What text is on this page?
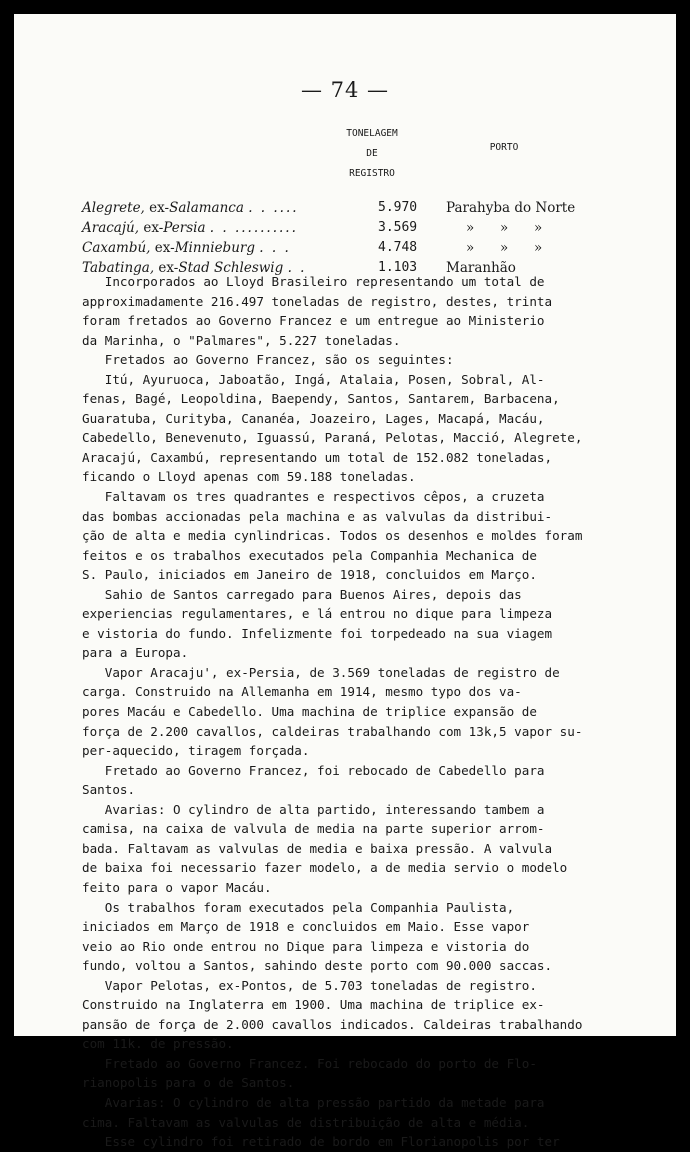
— 74 —
TONELAGEM
DE
REGISTRO
PORTO
Alegrete, ex-Salamanca . . ....	5.970 Parahyba do Norte
Aracajú, ex-Persia . . ..........	3.569	»      »      »
Caxambú, ex-Minnieburg . . .	4.748	»      »      »
Tabatinga, ex-Stad Schleswig . .	1.103 Maranhão
Incorporados ao Lloyd Brasileiro representando um total de
approximadamente 216.497 toneladas de registro, destes, trinta
foram fretados ao Governo Francez e um entregue ao Ministerio
da Marinha, o "Palmares", 5.227 toneladas.
Fretados ao Governo Francez, são os seguintes:
Itú, Ayuruoca, Jaboatão, Ingá, Atalaia, Posen, Sobral, Al-
fenas, Bagé, Leopoldina, Baependy, Santos, Santarem, Barbacena,
Guaratuba, Curityba, Cananéa, Joazeiro, Lages, Macapá, Macáu,
Cabedello, Benevenuto, Iguassú, Paraná, Pelotas, Macció, Alegrete,
Aracajú, Caxambú, representando um total de 152.082 toneladas,
ficando o Lloyd apenas com 59.188 toneladas.
Faltavam os tres quadrantes e respectivos cêpos, a cruzeta
das bombas accionadas pela machina e as valvulas da distribui-
ção de alta e media cynlindricas. Todos os desenhos e moldes foram
feitos e os trabalhos executados pela Companhia Mechanica de
S. Paulo, iniciados em Janeiro de 1918, concluidos em Março.
Sahio de Santos carregado para Buenos Aires, depois das
experiencias regulamentares, e lá entrou no dique para limpeza
e vistoria do fundo. Infelizmente foi torpedeado na sua viagem
para a Europa.
Vapor Aracaju', ex-Persia, de 3.569 toneladas de registro de
carga. Construido na Allemanha em 1914, mesmo typo dos va-
pores Macáu e Cabedello. Uma machina de triplice expansão de
força de 2.200 cavallos, caldeiras trabalhando com 13k,5 vapor su-
per-aquecido, tiragem forçada.
Fretado ao Governo Francez, foi rebocado de Cabedello para
Santos.
Avarias: O cylindro de alta partido, interessando tambem a
camisa, na caixa de valvula de media na parte superior arrom-
bada. Faltavam as valvulas de media e baixa pressão. A valvula
de baixa foi necessario fazer modelo, a de media servio o modelo
feito para o vapor Macáu.
Os trabalhos foram executados pela Companhia Paulista,
iniciados em Março de 1918 e concluidos em Maio. Esse vapor
veio ao Rio onde entrou no Dique para limpeza e vistoria do
fundo, voltou a Santos, sahindo deste porto com 90.000 saccas.
Vapor Pelotas, ex-Pontos, de 5.703 toneladas de registro.
Construido na Inglaterra em 1900. Uma machina de triplice ex-
pansão de força de 2.000 cavallos indicados. Caldeiras trabalhando
com 11k. de pressão.
Fretado ao Governo Francez. Foi rebocado do porto de Flo-
rianopolis para o de Santos.
Avarias: O cylindro de alta pressão partido da metade para
cima. Faltavam as valvulas de distribuição de alta e média.
Esse cylindro foi retirado de bordo em Florianopolis por ter
